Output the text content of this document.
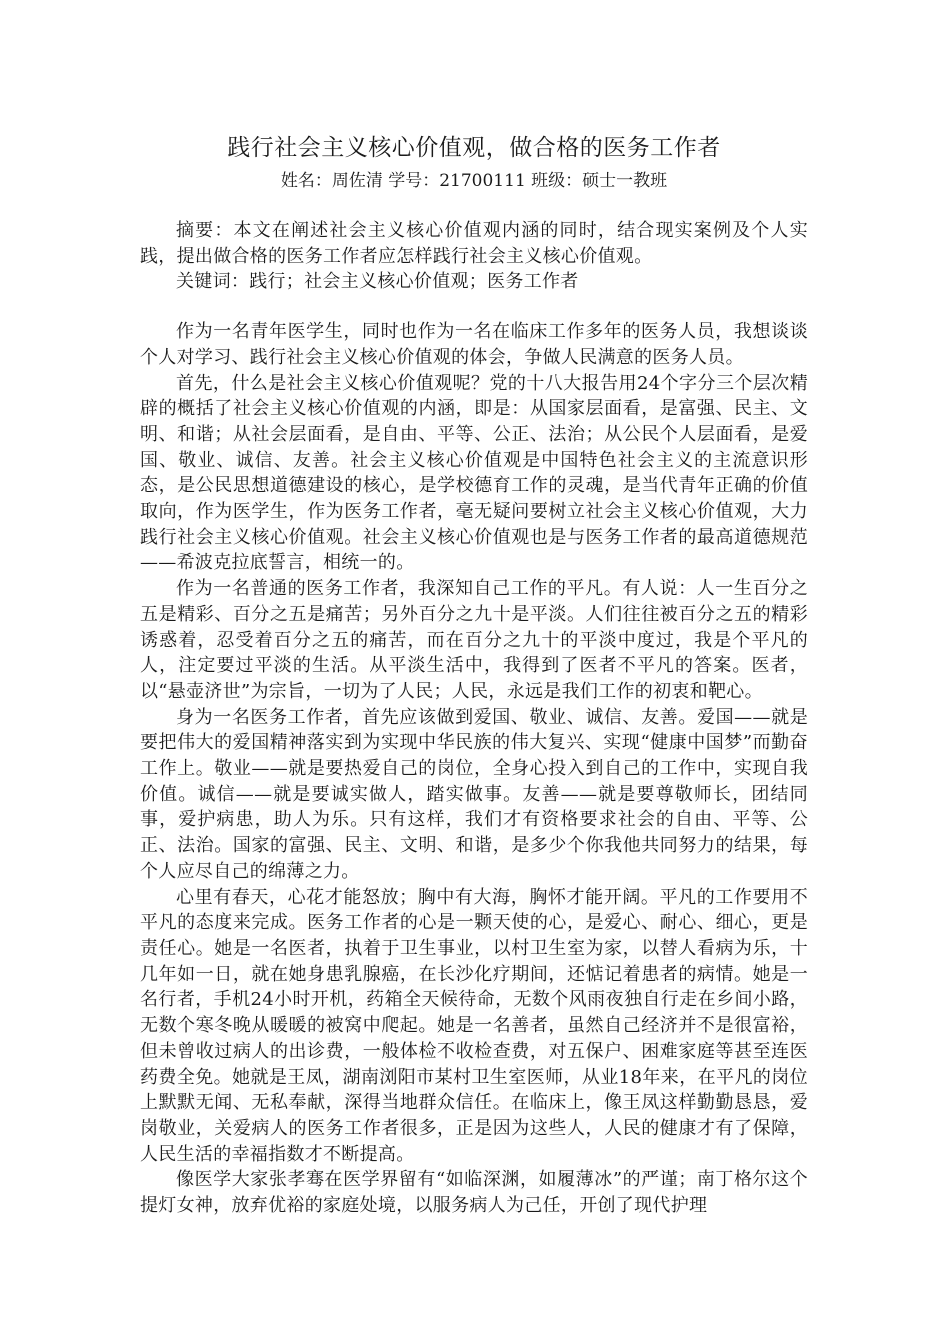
践行社会主义核心价值观，做合格的医务工作者

姓名：周佐清 学号：21700111 班级：硕士一教班

摘要：本文在阐述社会主义核心价值观内涵的同时，结合现实案例及个人实践，提出做合格的医务工作者应怎样践行社会主义核心价值观。

关键词：践行；社会主义核心价值观；医务工作者

作为一名青年医学生，同时也作为一名在临床工作多年的医务人员，我想谈谈个人对学习、践行社会主义核心价值观的体会，争做人民满意的医务人员。

首先，什么是社会主义核心价值观呢？党的十八大报告用24个字分三个层次精辟的概括了社会主义核心价值观的内涵，即是：从国家层面看，是富强、民主、文明、和谐；从社会层面看，是自由、平等、公正、法治；从公民个人层面看，是爱国、敬业、诚信、友善。社会主义核心价值观是中国特色社会主义的主流意识形态，是公民思想道德建设的核心，是学校德育工作的灵魂，是当代青年正确的价值取向，作为医学生，作为医务工作者，毫无疑问要树立社会主义核心价值观，大力践行社会主义核心价值观。社会主义核心价值观也是与医务工作者的最高道德规范——希波克拉底誓言，相统一的。

作为一名普通的医务工作者，我深知自己工作的平凡。有人说：人一生百分之五是精彩、百分之五是痛苦；另外百分之九十是平淡。人们往往被百分之五的精彩诱惑着，忍受着百分之五的痛苦，而在百分之九十的平淡中度过，我是个平凡的人，注定要过平淡的生活。从平淡生活中，我得到了医者不平凡的答案。医者，以“悬壶济世”为宗旨，一切为了人民；人民，永远是我们工作的初衷和靶心。

身为一名医务工作者，首先应该做到爱国、敬业、诚信、友善。爱国——就是要把伟大的爱国精神落实到为实现中华民族的伟大复兴、实现“健康中国梦”而勤奋工作上。敬业——就是要热爱自己的岗位，全身心投入到自己的工作中，实现自我价值。诚信——就是要诚实做人，踏实做事。友善——就是要尊敬师长，团结同事，爱护病患，助人为乐。只有这样，我们才有资格要求社会的自由、平等、公正、法治。国家的富强、民主、文明、和谐，是多少个你我他共同努力的结果，每个人应尽自己的绵薄之力。

心里有春天，心花才能怒放；胸中有大海，胸怀才能开阔。平凡的工作要用不平凡的态度来完成。医务工作者的心是一颗天使的心，是爱心、耐心、细心，更是责任心。她是一名医者，执着于卫生事业，以村卫生室为家，以替人看病为乐，十几年如一日，就在她身患乳腺癌，在长沙化疗期间，还惦记着患者的病情。她是一名行者，手机24小时开机，药箱全天候待命，无数个风雨夜独自行走在乡间小路，无数个寒冬晚从暖暖的被窝中爬起。她是一名善者，虽然自己经济并不是很富裕，但未曾收过病人的出诊费，一般体检不收检查费，对五保户、困难家庭等甚至连医药费全免。她就是王凤，湖南浏阳市某村卫生室医师，从业18年来，在平凡的岗位上默默无闻、无私奉献，深得当地群众信任。在临床上，像王凤这样勤勤恳恳，爱岗敬业，关爱病人的医务工作者很多，正是因为这些人，人民的健康才有了保障，人民生活的幸福指数才不断提高。

像医学大家张孝骞在医学界留有“如临深渊，如履薄冰”的严谨；南丁格尔这个提灯女神，放弃优裕的家庭处境，以服务病人为己任，开创了现代护理
